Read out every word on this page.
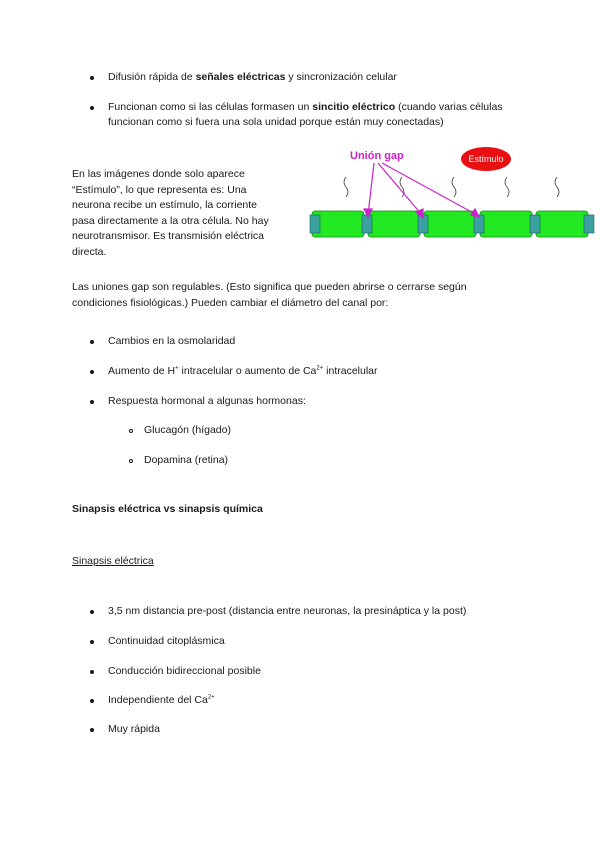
Difusión rápida de señales eléctricas y sincronización celular
Funcionan como si las células formasen un sincitio eléctrico (cuando varias células
funcionan como si fuera una sola unidad porque están muy conectadas)
En las imágenes donde solo aparece
“Estímulo”, lo que representa es: Una
neurona recibe un estímulo, la corriente
pasa directamente a la otra célula. No hay
neurotransmisor. Es transmisión eléctrica
directa.
Unión gap	Estímulo
Las uniones gap son regulables. (Esto significa que pueden abrirse o cerrarse según
condiciones fisiológicas.) Pueden cambiar el diámetro del canal por:
Cambios en la osmolaridad
Aumento de H+ intracelular o aumento de $Ca^{2+}$ intracelular
Respuesta hormonal a algunas hormonas:
Glucagón (hígado)
Dopamina (retina)
Sinapsis eléctrica vs sinapsis química
Sinapsis eléctrica
3,5 nm distancia pre-post (distancia entre neuronas, la presináptica y la post)
Continuidad citoplásmica
Conducción bidireccional posible
Independiente del $Ca^{2+}$
Muy rápida
